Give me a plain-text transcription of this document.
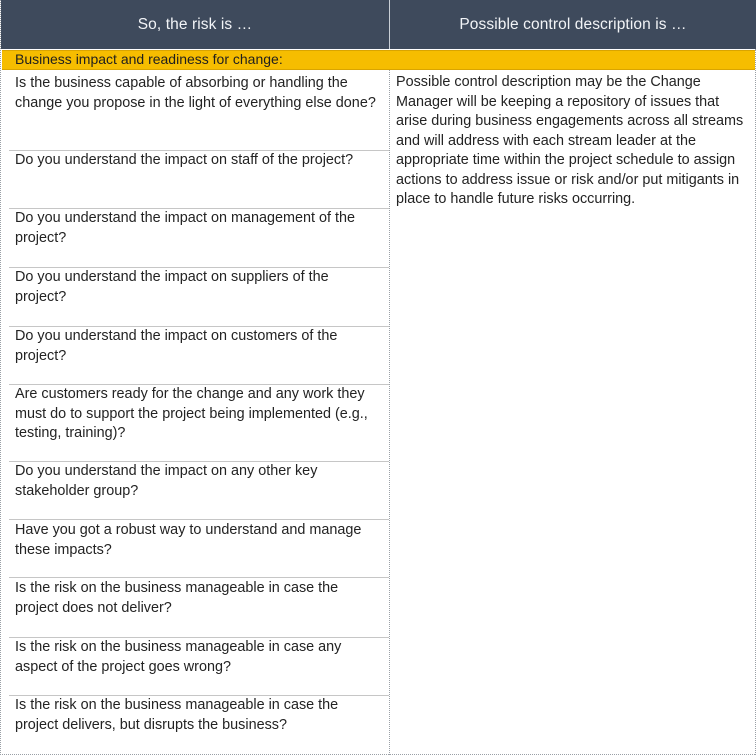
So, the risk is …	Possible control description is …
Business impact and readiness for change:
Is the business capable of absorbing or handling the change you propose in the light of everything else done?
Do you understand the impact on staff of the project?
Do you understand the impact on management of the project?
Do you understand the impact on suppliers of the project?
Do you understand the impact on customers of the project?
Are customers ready for the change and any work they must do to support the project being implemented (e.g., testing, training)?
Do you understand the impact on any other key stakeholder group?
Have you got a robust way to understand and manage these impacts?
Is the risk on the business manageable in case the project does not deliver?
Is the risk on the business manageable in case any aspect of the project goes wrong?
Is the risk on the business manageable in case the project delivers, but disrupts the business?
Possible control description may be the Change Manager will be keeping a repository of issues that arise during business engagements across all streams and will address with each stream leader at the appropriate time within the project schedule to assign actions to address issue or risk and/or put mitigants in place to handle future risks occurring.
